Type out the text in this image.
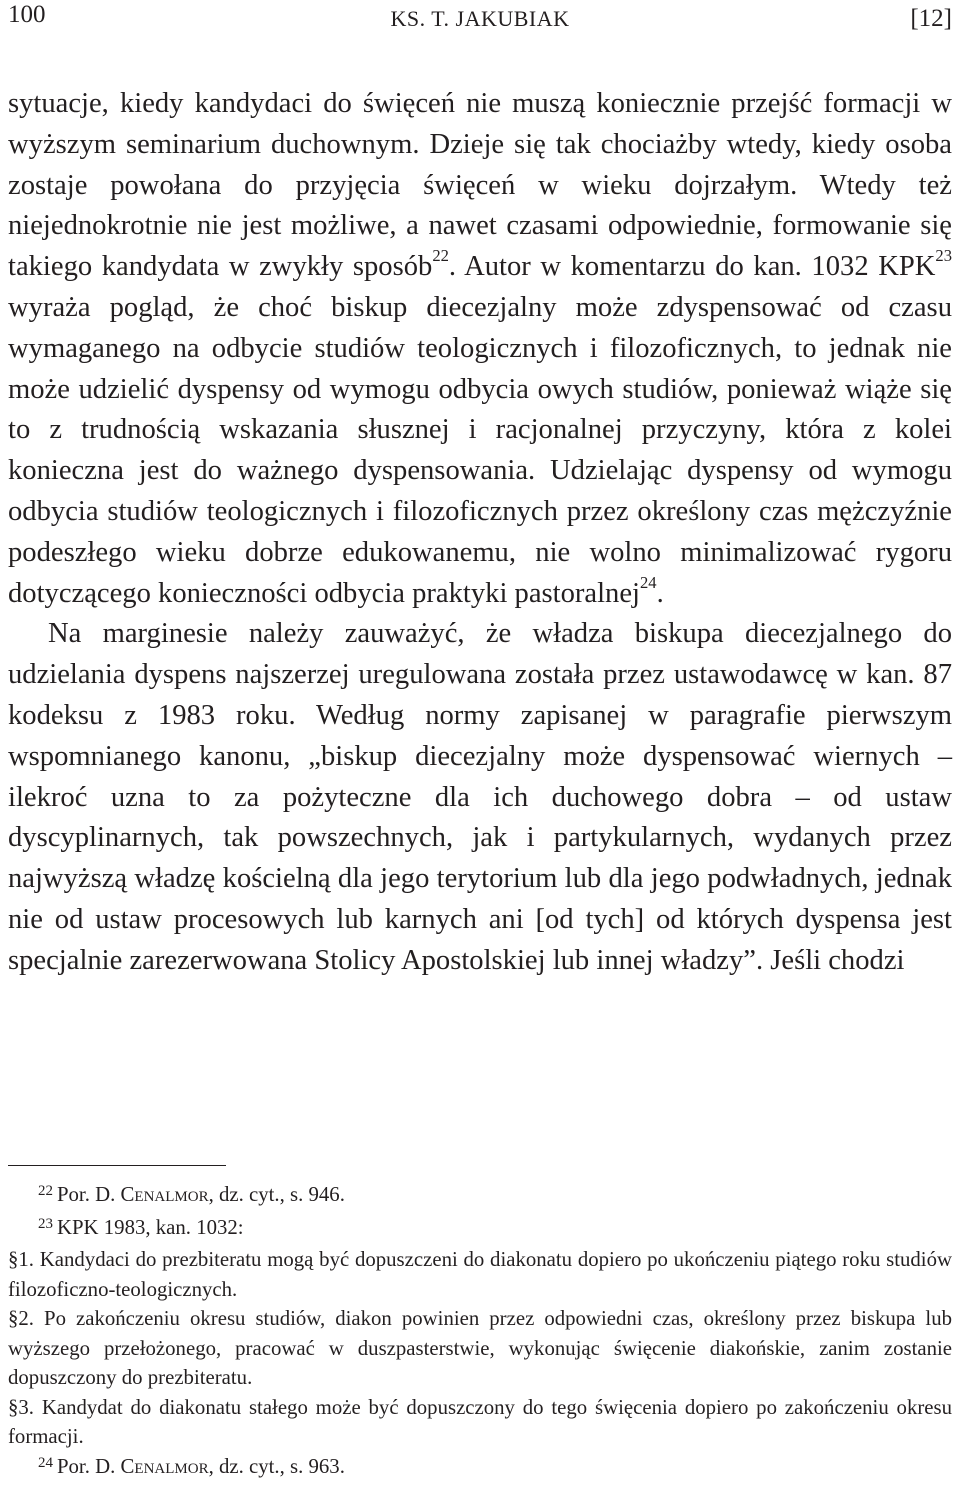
100	KS. T. JAKUBIAK	[12]

sytuacje, kiedy kandydaci do święceń nie muszą koniecznie przejść formacji w wyższym seminarium duchownym. Dzieje się tak chociażby wtedy, kiedy osoba zostaje powołana do przyjęcia święceń w wieku dojrzałym. Wtedy też niejednokrotnie nie jest możliwe, a nawet czasami odpowiednie, formowanie się takiego kandydata w zwykły sposób$^{22}$. Autor w komentarzu do kan. 1032 KPK$^{23}$ wyraża pogląd, że choć biskup diecezjalny może zdyspensować od czasu wymaganego na odbycie studiów teologicznych i filozoficznych, to jednak nie może udzielić dyspensy od wymogu odbycia owych studiów, ponieważ wiąże się to z trudnością wskazania słusznej i racjonalnej przyczyny, która z kolei konieczna jest do ważnego dyspensowania. Udzielając dyspensy od wymogu odbycia studiów teologicznych i filozoficznych przez określony czas mężczyźnie podeszłego wieku dobrze edukowanemu, nie wolno minimalizować rygoru dotyczącego konieczności odbycia praktyki pastoralnej$^{24}$.

Na marginesie należy zauważyć, że władza biskupa diecezjalnego do udzielania dyspens najszerzej uregulowana została przez ustawodawcę w kan. 87 kodeksu z 1983 roku. Według normy zapisanej w paragrafie pierwszym wspomnianego kanonu, „biskup diecezjalny może dyspensować wiernych – ilekroć uzna to za pożyteczne dla ich duchowego dobra – od ustaw dyscyplinarnych, tak powszechnych, jak i partykularnych, wydanych przez najwyższą władzę kościelną dla jego terytorium lub dla jego podwładnych, jednak nie od ustaw procesowych lub karnych ani [od tych] od których dyspensa jest specjalnie zarezerwowana Stolicy Apostolskiej lub innej władzy”. Jeśli chodzi

$^{22}$ Por. D. Cenalmor, dz. cyt., s. 946.

$^{23}$ KPK 1983, kan. 1032:

§1. Kandydaci do prezbiteratu mogą być dopuszczeni do diakonatu dopiero po ukończeniu piątego roku studiów filozoficzno-teologicznych.

§2. Po zakończeniu okresu studiów, diakon powinien przez odpowiedni czas, określony przez biskupa lub wyższego przełożonego, pracować w duszpasterstwie, wykonując święcenie diakońskie, zanim zostanie dopuszczony do prezbiteratu.

§3. Kandydat do diakonatu stałego może być dopuszczony do tego święcenia dopiero po zakończeniu okresu formacji.

$^{24}$ Por. D. Cenalmor, dz. cyt., s. 963.
